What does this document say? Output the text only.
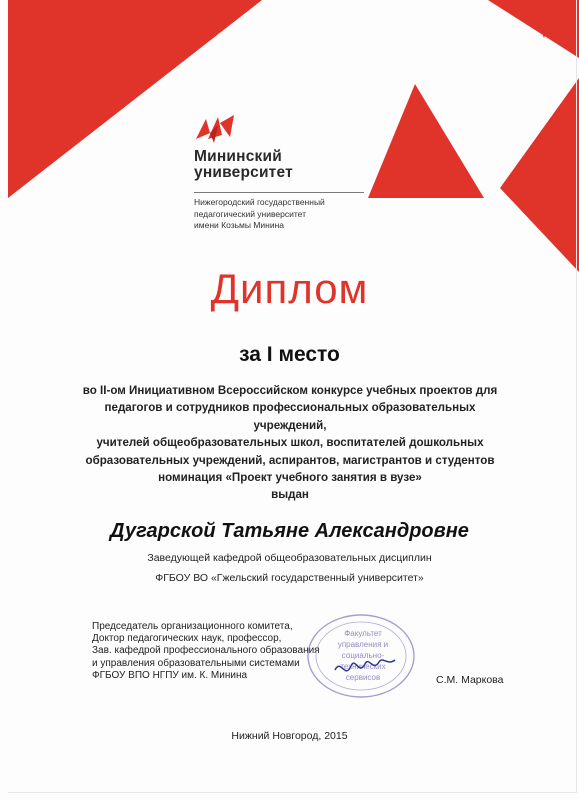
Мининский
университет
Нижегородский государственный
педагогический университет
имени Козьмы Минина
Диплом
за I место
во II-ом Инициативном Всероссийском конкурсе учебных проектов для
педагогов и сотрудников профессиональных образовательных учреждений,
учителей общеобразовательных школ, воспитателей дошкольных
образовательных учреждений, аспирантов, магистрантов и студентов
номинация «Проект учебного занятия в вузе»
выдан
Дугарской Татьяне Александровне
Заведующей кафедрой общеобразовательных дисциплин
ФГБОУ ВО «Гжельский государственный университет»
Председатель организационного комитета,
Доктор педагогических наук, профессор,
Зав. кафедрой профессионального образования
и управления образовательными системами
ФГБОУ ВПО НГПУ им. К. Минина
Факультет
управления и
социально-
технических
сервисов	С.М. Маркова
Нижний Новгород, 2015
